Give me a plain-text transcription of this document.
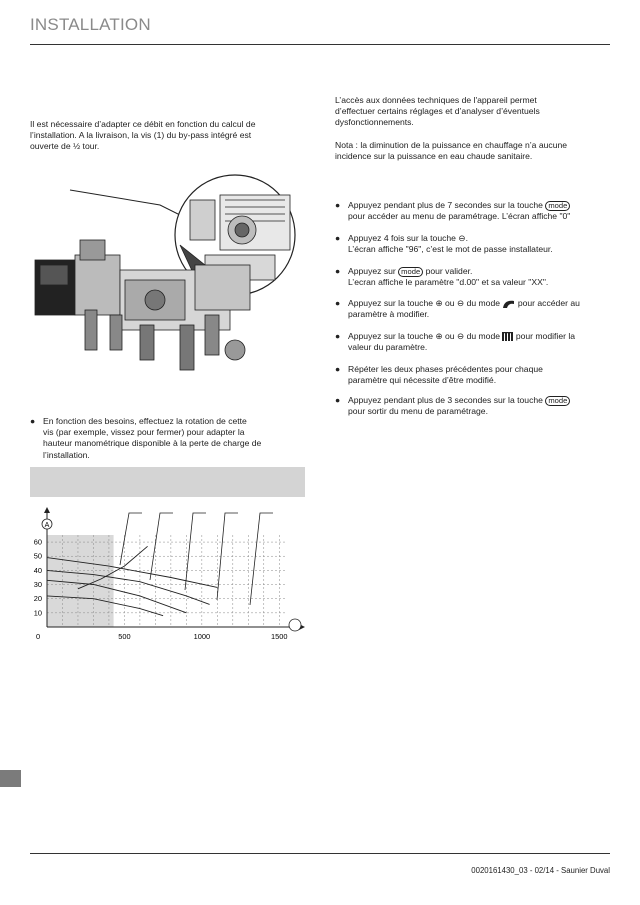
INSTALLATION
Il est nécessaire d’adapter ce débit en fonction du calcul de
l’installation. A la livraison, la vis (1) du by-pass intégré est
ouverte de ½ tour.
● En fonction des besoins, effectuez la rotation de cette
vis (par exemple, vissez pour fermer) pour adapter la
hauteur manométrique disponible à la perte de charge de
l’installation.
A
10
20
30
40
50
60
0	500	1000	1500
L’accès aux données techniques de l'appareil permet
d’effectuer certains réglages et d’analyser d’éventuels
dysfonctionnements.
Nota : la diminution de la puissance en chauffage n’a aucune
incidence sur la puissance en eau chaude sanitaire.
● Appuyez pendant plus de 7 secondes sur la touche mode
pour accéder au menu de paramétrage. L’écran affiche "0"
● Appuyez 4 fois sur la touche ⊖.
L’écran affiche "96", c’est le mot de passe installateur.
● Appuyez sur mode pour valider.
L’ecran affiche le paramètre "d.00" et sa valeur "XX".
● Appuyez sur la touche ⊕ ou ⊖ du mode pour accéder au
paramètre à modifier.
● Appuyez sur la touche ⊕ ou ⊖ du mode pour modifier la
valeur du paramètre.
● Répéter les deux phases précédentes pour chaque
paramètre qui nécessite d’être modifié.
● Appuyez pendant plus de 3 secondes sur la touche mode
pour sortir du menu de paramétrage.
0020161430_03 - 02/14 - Saunier Duval
